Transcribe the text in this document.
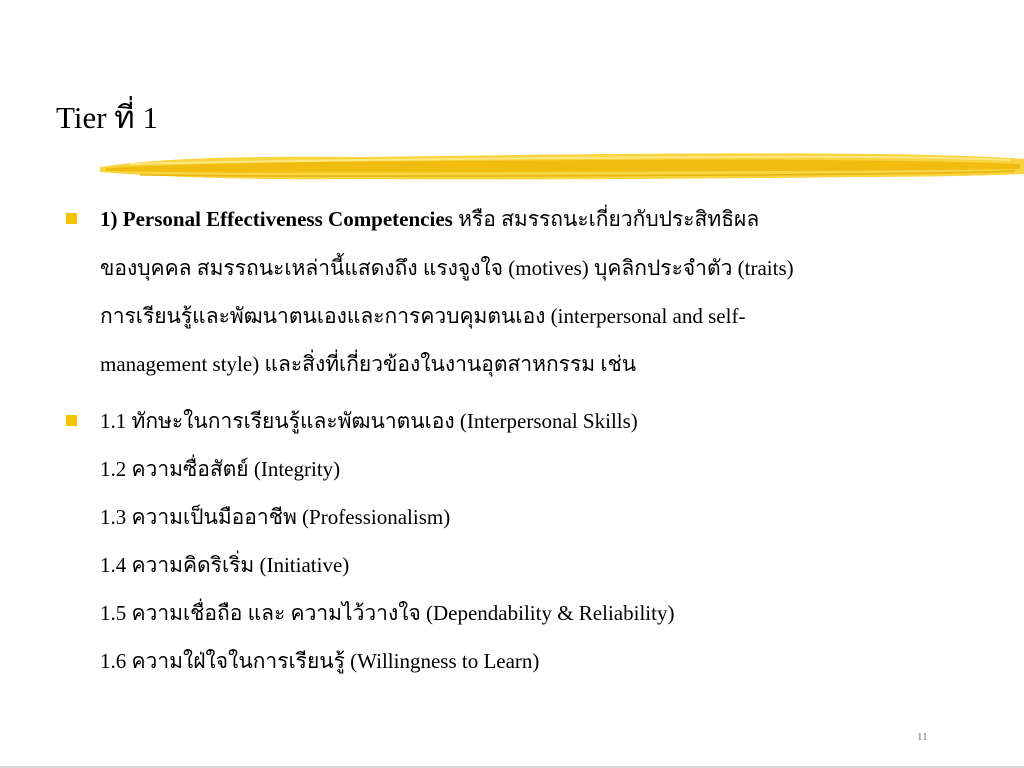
Tier ที่ 1
1) Personal Effectiveness Competencies หรือ สมรรถนะเกี่ยวกับประสิทธิผล
ของบุคคล สมรรถนะเหล่านี้แสดงถึง แรงจูงใจ (motives) บุคลิกประจำตัว (traits)
การเรียนรู้และพัฒนาตนเองและการควบคุมตนเอง (interpersonal and self-
management style) และสิ่งที่เกี่ยวข้องในงานอุตสาหกรรม เช่น
1.1 ทักษะในการเรียนรู้และพัฒนาตนเอง (Interpersonal Skills)
1.2 ความซื่อสัตย์ (Integrity)
1.3 ความเป็นมืออาชีพ (Professionalism)
1.4 ความคิดริเริ่ม (Initiative)
1.5 ความเชื่อถือ และ ความไว้วางใจ (Dependability & Reliability)
1.6 ความใฝ่ใจในการเรียนรู้ (Willingness to Learn)
11
